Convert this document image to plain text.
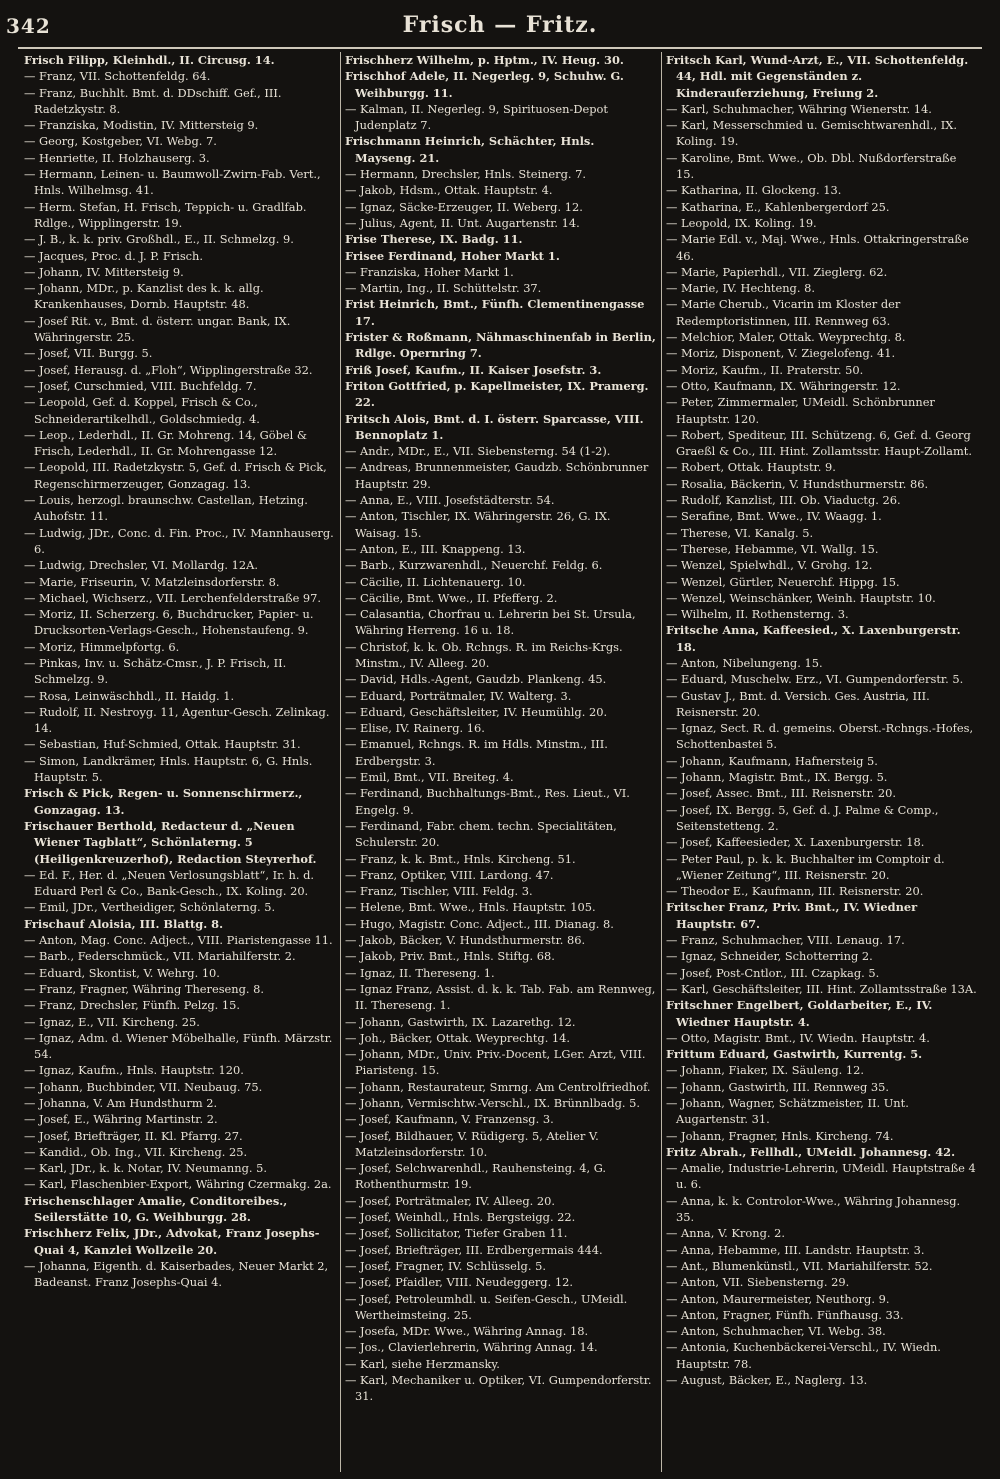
342	Frisch — Fritz.

Frisch Filipp, Kleinhdl., II. Circusg. 14.

— Franz, VII. Schottenfeldg. 64.

— Franz, Buchhlt. Bmt. d. DDschiff. Gef., III. Radetzkystr. 8.

— Franziska, Modistin, IV. Mittersteig 9.

— Georg, Kostgeber, VI. Webg. 7.

— Henriette, II. Holzhauserg. 3.

— Hermann, Leinen- u. Baumwoll-Zwirn-Fab. Vert., Hnls. Wilhelmsg. 41.

— Herm. Stefan, H. Frisch, Teppich- u. Gradlfab. Rdlge., Wipplingerstr. 19.

— J. B., k. k. priv. Großhdl., E., II. Schmelzg. 9.

— Jacques, Proc. d. J. P. Frisch.

— Johann, IV. Mittersteig 9.

— Johann, MDr., p. Kanzlist des k. k. allg. Krankenhauses, Dornb. Hauptstr. 48.

— Josef Rit. v., Bmt. d. österr. ungar. Bank, IX. Währingerstr. 25.

— Josef, VII. Burgg. 5.

— Josef, Herausg. d. „Floh“, Wipplingerstraße 32.

— Josef, Curschmied, VIII. Buchfeldg. 7.

— Leopold, Gef. d. Koppel, Frisch & Co., Schneiderartikelhdl., Goldschmiedg. 4.

— Leop., Lederhdl., II. Gr. Mohreng. 14, Göbel & Frisch, Lederhdl., II. Gr. Mohrengasse 12.

— Leopold, III. Radetzkystr. 5, Gef. d. Frisch & Pick, Regenschirmerzeuger, Gonzagag. 13.

— Louis, herzogl. braunschw. Castellan, Hetzing. Auhofstr. 11.

— Ludwig, JDr., Conc. d. Fin. Proc., IV. Mannhauserg. 6.

— Ludwig, Drechsler, VI. Mollardg. 12A.

— Marie, Friseurin, V. Matzleinsdorferstr. 8.

— Michael, Wichserz., VII. Lerchenfelderstraße 97.

— Moriz, II. Scherzerg. 6, Buchdrucker, Papier- u. Drucksorten-Verlags-Gesch., Hohenstaufeng. 9.

— Moriz, Himmelpfortg. 6.

— Pinkas, Inv. u. Schätz-Cmsr., J. P. Frisch, II. Schmelzg. 9.

— Rosa, Leinwäschhdl., II. Haidg. 1.

— Rudolf, II. Nestroyg. 11, Agentur-Gesch. Zelinkag. 14.

— Sebastian, Huf-Schmied, Ottak. Hauptstr. 31.

— Simon, Landkrämer, Hnls. Hauptstr. 6, G. Hnls. Hauptstr. 5.

Frisch & Pick, Regen- u. Sonnenschirmerz., Gonzagag. 13.

Frischauer Berthold, Redacteur d. „Neuen Wiener Tagblatt“, Schönlaterng. 5 (Heiligenkreuzerhof), Redaction Steyrerhof.

— Ed. F., Her. d. „Neuen Verlosungsblatt“, Ir. h. d. Eduard Perl & Co., Bank-Gesch., IX. Koling. 20.

— Emil, JDr., Vertheidiger, Schönlaterng. 5.

Frischauf Aloisia, III. Blattg. 8.

— Anton, Mag. Conc. Adject., VIII. Piaristengasse 11.

— Barb., Federschmück., VII. Mariahilferstr. 2.

— Eduard, Skontist, V. Wehrg. 10.

— Franz, Fragner, Währing Thereseng. 8.

— Franz, Drechsler, Fünfh. Pelzg. 15.

— Ignaz, E., VII. Kircheng. 25.

— Ignaz, Adm. d. Wiener Möbelhalle, Fünfh. Märzstr. 54.

— Ignaz, Kaufm., Hnls. Hauptstr. 120.

— Johann, Buchbinder, VII. Neubaug. 75.

— Johanna, V. Am Hundsthurm 2.

— Josef, E., Währing Martinstr. 2.

— Josef, Briefträger, II. Kl. Pfarrg. 27.

— Kandid., Ob. Ing., VII. Kircheng. 25.

— Karl, JDr., k. k. Notar, IV. Neumanng. 5.

— Karl, Flaschenbier-Export, Währing Czermakg. 2a.

Frischenschlager Amalie, Conditoreibes., Seilerstätte 10, G. Weihburgg. 28.

Frischherz Felix, JDr., Advokat, Franz Josephs-Quai 4, Kanzlei Wollzeile 20.

— Johanna, Eigenth. d. Kaiserbades, Neuer Markt 2, Badeanst. Franz Josephs-Quai 4.

Frischherz Wilhelm, p. Hptm., IV. Heug. 30.

Frischhof Adele, II. Negerleg. 9, Schuhw. G. Weihburgg. 11.

— Kalman, II. Negerleg. 9, Spirituosen-Depot Judenplatz 7.

Frischmann Heinrich, Schächter, Hnls. Mayseng. 21.

— Hermann, Drechsler, Hnls. Steinerg. 7.

— Jakob, Hdsm., Ottak. Hauptstr. 4.

— Ignaz, Säcke-Erzeuger, II. Weberg. 12.

— Julius, Agent, II. Unt. Augartenstr. 14.

Frise Therese, IX. Badg. 11.

Frisee Ferdinand, Hoher Markt 1.

— Franziska, Hoher Markt 1.

— Martin, Ing., II. Schüttelstr. 37.

Frist Heinrich, Bmt., Fünfh. Clementinengasse 17.

Frister & Roßmann, Nähmaschinenfab in Berlin, Rdlge. Opernring 7.

Friß Josef, Kaufm., II. Kaiser Josefstr. 3.

Friton Gottfried, p. Kapellmeister, IX. Pramerg. 22.

Fritsch Alois, Bmt. d. I. österr. Sparcasse, VIII. Bennoplatz 1.

— Andr., MDr., E., VII. Siebensterng. 54 (1-2).

— Andreas, Brunnenmeister, Gaudzb. Schönbrunner Hauptstr. 29.

— Anna, E., VIII. Josefstädterstr. 54.

— Anton, Tischler, IX. Währingerstr. 26, G. IX. Waisag. 15.

— Anton, E., III. Knappeng. 13.

— Barb., Kurzwarenhdl., Neuerchf. Feldg. 6.

— Cäcilie, II. Lichtenauerg. 10.

— Cäcilie, Bmt. Wwe., II. Pfefferg. 2.

— Calasantia, Chorfrau u. Lehrerin bei St. Ursula, Währing Herreng. 16 u. 18.

— Christof, k. k. Ob. Rchngs. R. im Reichs-Krgs. Minstm., IV. Alleeg. 20.

— David, Hdls.-Agent, Gaudzb. Plankeng. 45.

— Eduard, Porträtmaler, IV. Walterg. 3.

— Eduard, Geschäftsleiter, IV. Heumühlg. 20.

— Elise, IV. Rainerg. 16.

— Emanuel, Rchngs. R. im Hdls. Minstm., III. Erdbergstr. 3.

— Emil, Bmt., VII. Breiteg. 4.

— Ferdinand, Buchhaltungs-Bmt., Res. Lieut., VI. Engelg. 9.

— Ferdinand, Fabr. chem. techn. Specialitäten, Schulerstr. 20.

— Franz, k. k. Bmt., Hnls. Kircheng. 51.

— Franz, Optiker, VIII. Lardong. 47.

— Franz, Tischler, VIII. Feldg. 3.

— Helene, Bmt. Wwe., Hnls. Hauptstr. 105.

— Hugo, Magistr. Conc. Adject., III. Dianag. 8.

— Jakob, Bäcker, V. Hundsthurmerstr. 86.

— Jakob, Priv. Bmt., Hnls. Stiftg. 68.

— Ignaz, II. Thereseng. 1.

— Ignaz Franz, Assist. d. k. k. Tab. Fab. am Rennweg, II. Thereseng. 1.

— Johann, Gastwirth, IX. Lazarethg. 12.

— Joh., Bäcker, Ottak. Weyprechtg. 14.

— Johann, MDr., Univ. Priv.-Docent, LGer. Arzt, VIII. Piaristeng. 15.

— Johann, Restaurateur, Smrng. Am Centrolfriedhof.

— Johann, Vermischtw.-Verschl., IX. Brünnlbadg. 5.

— Josef, Kaufmann, V. Franzensg. 3.

— Josef, Bildhauer, V. Rüdigerg. 5, Atelier V. Matzleinsdorferstr. 10.

— Josef, Selchwarenhdl., Rauhensteing. 4, G. Rothenthurmstr. 19.

— Josef, Porträtmaler, IV. Alleeg. 20.

— Josef, Weinhdl., Hnls. Bergsteigg. 22.

— Josef, Sollicitator, Tiefer Graben 11.

— Josef, Briefträger, III. Erdbergermais 444.

— Josef, Fragner, IV. Schlüsselg. 5.

— Josef, Pfaidler, VIII. Neudeggerg. 12.

— Josef, Petroleumhdl. u. Seifen-Gesch., UMeidl. Wertheimsteing. 25.

— Josefa, MDr. Wwe., Währing Annag. 18.

— Jos., Clavierlehrerin, Währing Annag. 14.

— Karl, siehe Herzmansky.

— Karl, Mechaniker u. Optiker, VI. Gumpendorferstr. 31.

Fritsch Karl, Wund-Arzt, E., VII. Schottenfeldg. 44, Hdl. mit Gegenständen z. Kinderauferziehung, Freiung 2.

— Karl, Schuhmacher, Währing Wienerstr. 14.

— Karl, Messerschmied u. Gemischtwarenhdl., IX. Koling. 19.

— Karoline, Bmt. Wwe., Ob. Dbl. Nußdorferstraße 15.

— Katharina, II. Glockeng. 13.

— Katharina, E., Kahlenbergerdorf 25.

— Leopold, IX. Koling. 19.

— Marie Edl. v., Maj. Wwe., Hnls. Ottakringerstraße 46.

— Marie, Papierhdl., VII. Zieglerg. 62.

— Marie, IV. Hechteng. 8.

— Marie Cherub., Vicarin im Kloster der Redemptoristinnen, III. Rennweg 63.

— Melchior, Maler, Ottak. Weyprechtg. 8.

— Moriz, Disponent, V. Ziegelofeng. 41.

— Moriz, Kaufm., II. Praterstr. 50.

— Otto, Kaufmann, IX. Währingerstr. 12.

— Peter, Zimmermaler, UMeidl. Schönbrunner Hauptstr. 120.

— Robert, Spediteur, III. Schützeng. 6, Gef. d. Georg Graeßl & Co., III. Hint. Zollamtsstr. Haupt-Zollamt.

— Robert, Ottak. Hauptstr. 9.

— Rosalia, Bäckerin, V. Hundsthurmerstr. 86.

— Rudolf, Kanzlist, III. Ob. Viaductg. 26.

— Serafine, Bmt. Wwe., IV. Waagg. 1.

— Therese, VI. Kanalg. 5.

— Therese, Hebamme, VI. Wallg. 15.

— Wenzel, Spielwhdl., V. Grohg. 12.

— Wenzel, Gürtler, Neuerchf. Hippg. 15.

— Wenzel, Weinschänker, Weinh. Hauptstr. 10.

— Wilhelm, II. Rothensterng. 3.

Fritsche Anna, Kaffeesied., X. Laxenburgerstr. 18.

— Anton, Nibelungeng. 15.

— Eduard, Muschelw. Erz., VI. Gumpendorferstr. 5.

— Gustav J., Bmt. d. Versich. Ges. Austria, III. Reisnerstr. 20.

— Ignaz, Sect. R. d. gemeins. Oberst.-Rchngs.-Hofes, Schottenbastei 5.

— Johann, Kaufmann, Hafnersteig 5.

— Johann, Magistr. Bmt., IX. Bergg. 5.

— Josef, Assec. Bmt., III. Reisnerstr. 20.

— Josef, IX. Bergg. 5, Gef. d. J. Palme & Comp., Seitenstetteng. 2.

— Josef, Kaffeesieder, X. Laxenburgerstr. 18.

— Peter Paul, p. k. k. Buchhalter im Comptoir d. „Wiener Zeitung“, III. Reisnerstr. 20.

— Theodor E., Kaufmann, III. Reisnerstr. 20.

Fritscher Franz, Priv. Bmt., IV. Wiedner Hauptstr. 67.

— Franz, Schuhmacher, VIII. Lenaug. 17.

— Ignaz, Schneider, Schotterring 2.

— Josef, Post-Cntlor., III. Czapkag. 5.

— Karl, Geschäftsleiter, III. Hint. Zollamtsstraße 13A.

Fritschner Engelbert, Goldarbeiter, E., IV. Wiedner Hauptstr. 4.

— Otto, Magistr. Bmt., IV. Wiedn. Hauptstr. 4.

Frittum Eduard, Gastwirth, Kurrentg. 5.

— Johann, Fiaker, IX. Säuleng. 12.

— Johann, Gastwirth, III. Rennweg 35.

— Johann, Wagner, Schätzmeister, II. Unt. Augartenstr. 31.

— Johann, Fragner, Hnls. Kircheng. 74.

Fritz Abrah., Fellhdl., UMeidl. Johannesg. 42.

— Amalie, Industrie-Lehrerin, UMeidl. Hauptstraße 4 u. 6.

— Anna, k. k. Controlor-Wwe., Währing Johannesg. 35.

— Anna, V. Krong. 2.

— Anna, Hebamme, III. Landstr. Hauptstr. 3.

— Ant., Blumenkünstl., VII. Mariahilferstr. 52.

— Anton, VII. Siebensterng. 29.

— Anton, Maurermeister, Neuthorg. 9.

— Anton, Fragner, Fünfh. Fünfhausg. 33.

— Anton, Schuhmacher, VI. Webg. 38.

— Antonia, Kuchenbäckerei-Verschl., IV. Wiedn. Hauptstr. 78.

— August, Bäcker, E., Naglerg. 13.
